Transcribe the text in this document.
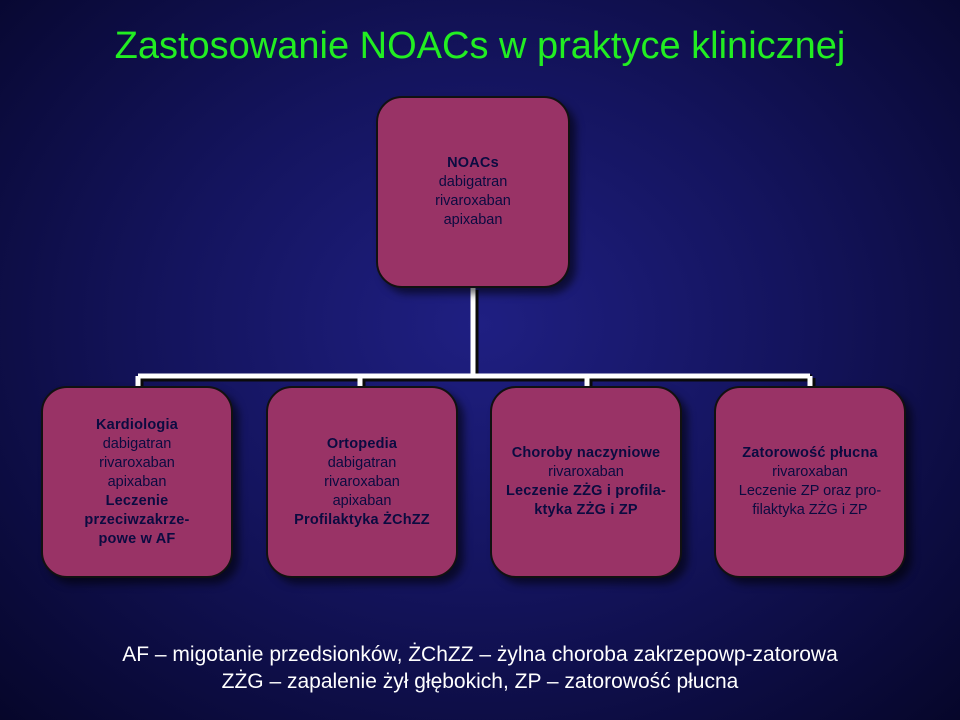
Zastosowanie NOACs w praktyce klinicznej
NOACs
dabigatran
rivaroxaban
apixaban
Kardiologia
dabigatran
rivaroxaban
apixaban
Leczenie przeciwzakrze-
powe w AF
Ortopedia
dabigatran
rivaroxaban
apixaban
Profilaktyka ŻChZZ
Choroby naczyniowe
rivaroxaban
Leczenie ZŻG i profila-
ktyka ZŻG i ZP
Zatorowość płucna
rivaroxaban
Leczenie ZP oraz pro-
filaktyka ZŻG i ZP
AF – migotanie przedsionków, ŻChZZ – żylna choroba zakrzepowp-zatorowa
ZŻG – zapalenie żył głębokich, ZP – zatorowość płucna
